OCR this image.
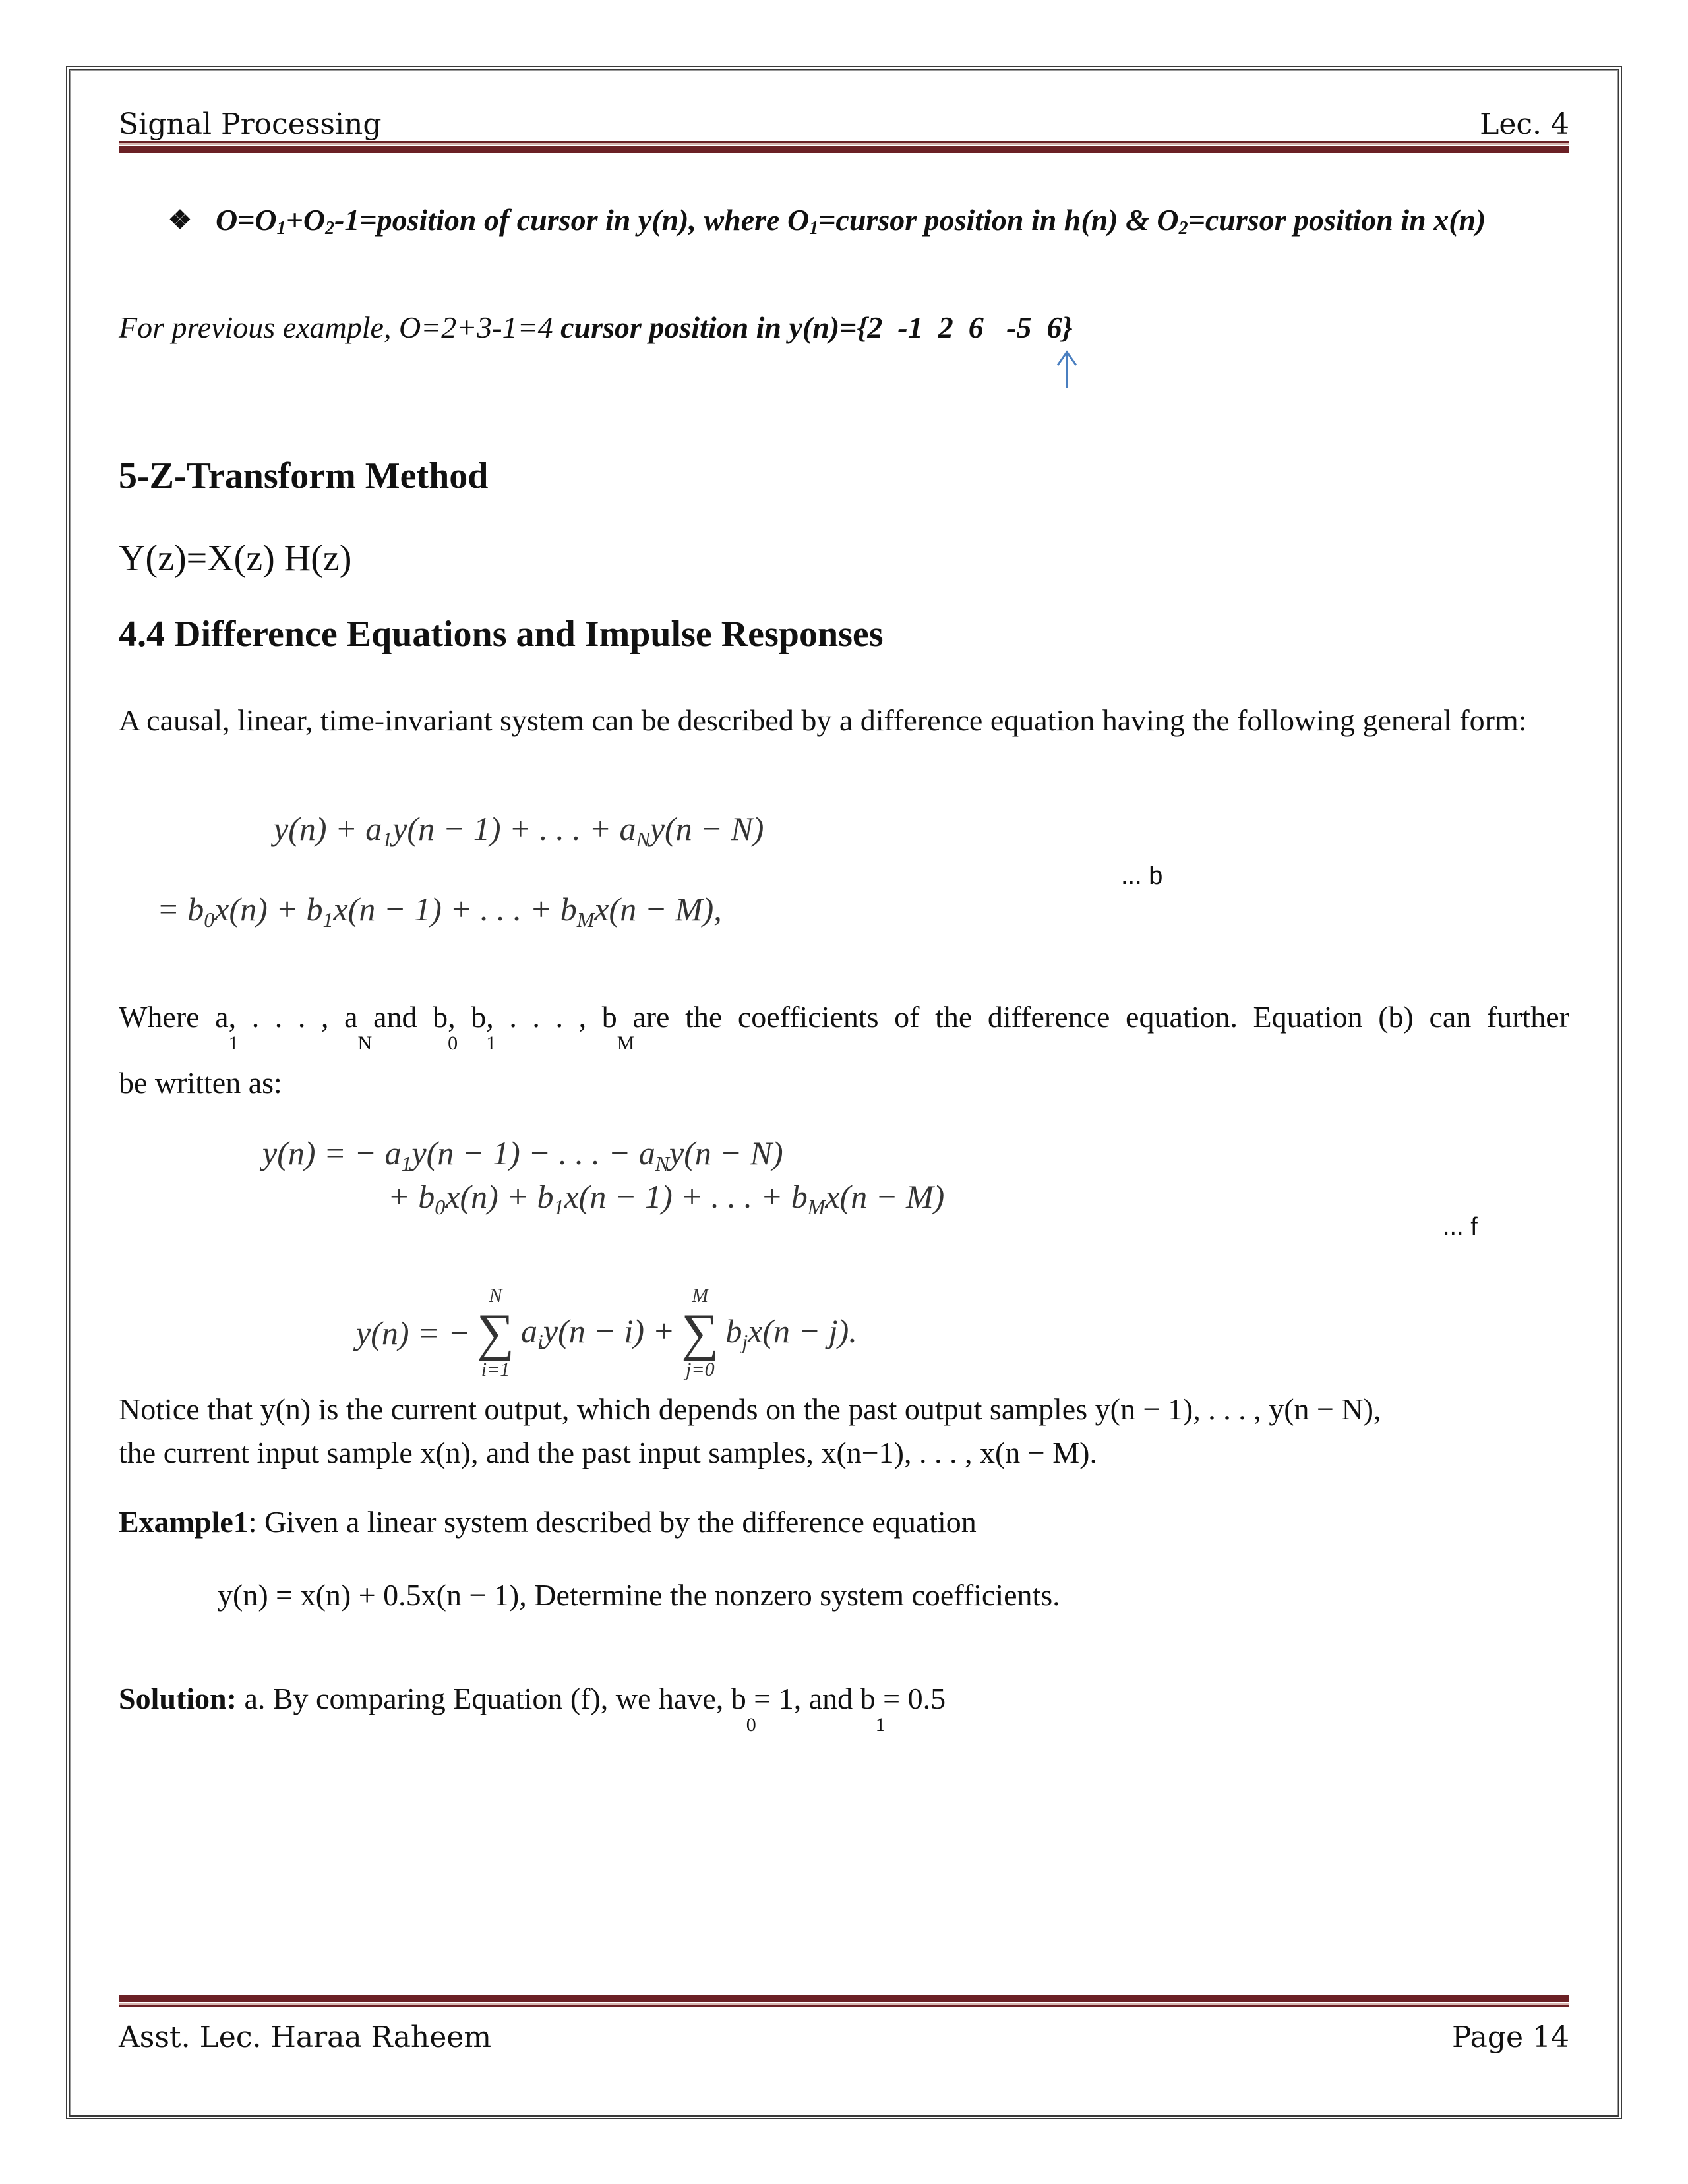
Signal Processing	Lec. 4
❖ $O=O_1+O_2-1=position$ of cursor in y(n), where $O_1=cursor$ position in h(n) & $O_2=cursor$ position in x(n)
For previous example, O=2+3-1=4 cursor position in y(n)={2  -1  2  6   -5  6}
5-Z-Transform Method
Y(z)=X(z) H(z)
4.4 Difference Equations and Impulse Responses
A causal, linear, time-invariant system can be described by a difference equation having the following general form:
$y(n) + a_1y(n - 1)$ + . . . + $a_Ny(n - N)$
= $b_0x(n) + b_1x(n - 1)$ + . . . + $b_Mx(n - M)$,
... b
Where a1, . . . , aN and b0, b1, . . . , bM are the coefficients of the difference equation. Equation (b) can further
be written as:
y(n) = − $a_1y(n - 1)$ − . . . − $a_Ny(n - N)$
+ $b_0x(n) + b_1x(n - 1)$ + . . . + $b_Mx(n - M)$
... f
y(n) = −
N
∑
i=1
$a_iy(n - i)$ +
M
∑
j=0
$b_jx(n - j)$.
Notice that y(n) is the current output, which depends on the past output samples y(n − 1), . . . , y(n − N),
the current input sample x(n), and the past input samples, x(n−1), . . . , x(n − M).
Example1: Given a linear system described by the difference equation
y(n) = x(n) + 0.5x(n − 1), Determine the nonzero system coefficients.
Solution: a. By comparing Equation (f), we have, b0 = 1, and b1 = 0.5
Asst. Lec. Haraa Raheem	Page 14
